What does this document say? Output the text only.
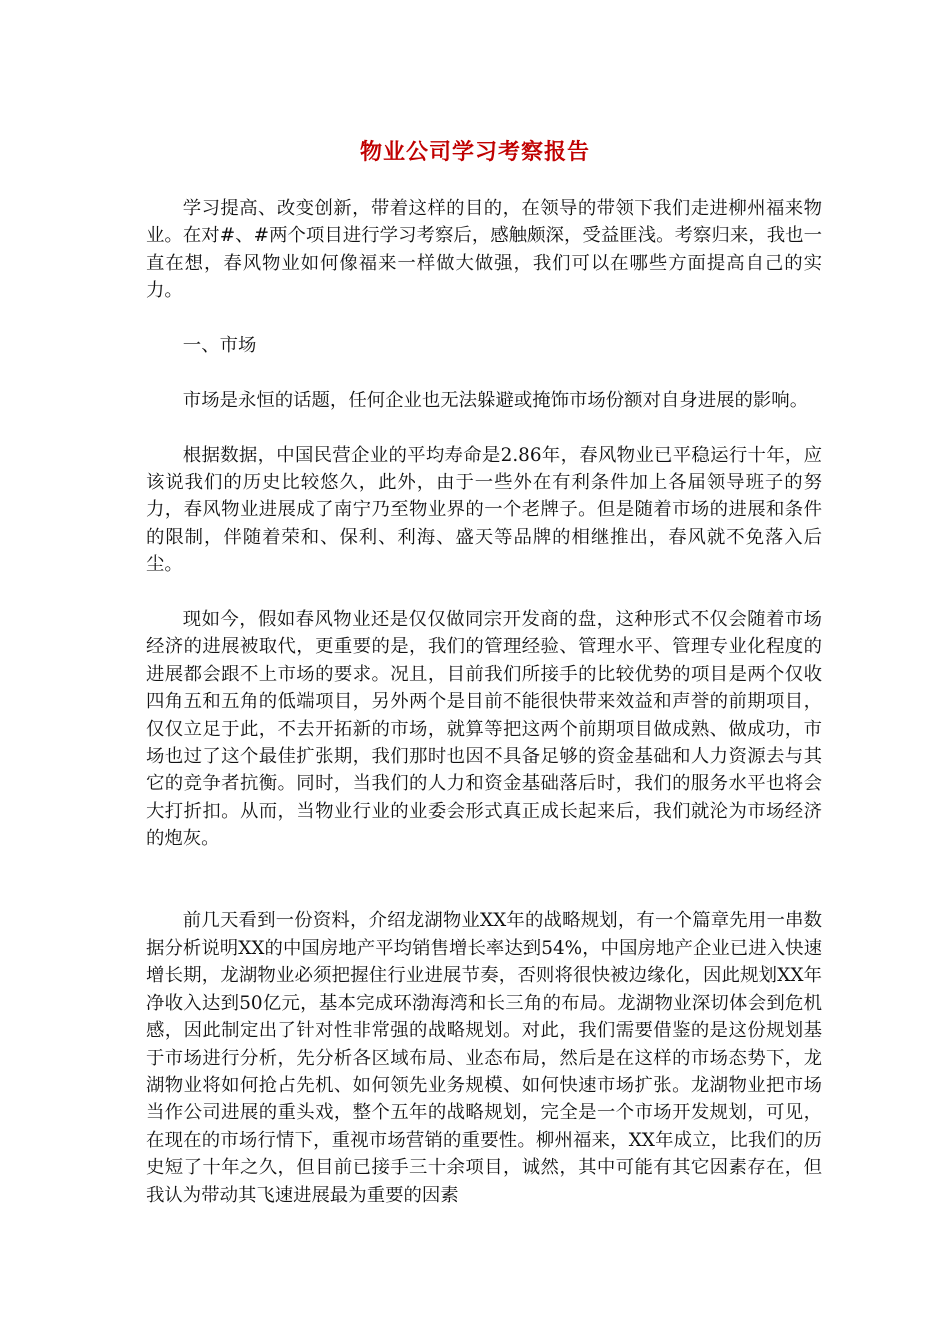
物业公司学习考察报告

学习提高、改变创新，带着这样的目的，在领导的带领下我们走进柳州福来物业。在对#、#两个项目进行学习考察后，感触颇深，受益匪浅。考察归来，我也一直在想，春风物业如何像福来一样做大做强，我们可以在哪些方面提高自己的实力。

一、市场

市场是永恒的话题，任何企业也无法躲避或掩饰市场份额对自身进展的影响。

根据数据，中国民营企业的平均寿命是2.86年，春风物业已平稳运行十年，应该说我们的历史比较悠久，此外，由于一些外在有利条件加上各届领导班子的努力，春风物业进展成了南宁乃至物业界的一个老牌子。但是随着市场的进展和条件的限制，伴随着荣和、保利、利海、盛天等品牌的相继推出，春风就不免落入后尘。

现如今，假如春风物业还是仅仅做同宗开发商的盘，这种形式不仅会随着市场经济的进展被取代，更重要的是，我们的管理经验、管理水平、管理专业化程度的进展都会跟不上市场的要求。况且，目前我们所接手的比较优势的项目是两个仅收四角五和五角的低端项目，另外两个是目前不能很快带来效益和声誉的前期项目，仅仅立足于此，不去开拓新的市场，就算等把这两个前期项目做成熟、做成功，市场也过了这个最佳扩张期，我们那时也因不具备足够的资金基础和人力资源去与其它的竞争者抗衡。同时，当我们的人力和资金基础落后时，我们的服务水平也将会大打折扣。从而，当物业行业的业委会形式真正成长起来后，我们就沦为市场经济的炮灰。

前几天看到一份资料，介绍龙湖物业XX年的战略规划，有一个篇章先用一串数据分析说明XX的中国房地产平均销售增长率达到54%，中国房地产企业已进入快速增长期，龙湖物业必须把握住行业进展节奏，否则将很快被边缘化，因此规划XX年净收入达到50亿元，基本完成环渤海湾和长三角的布局。龙湖物业深切体会到危机感，因此制定出了针对性非常强的战略规划。对此，我们需要借鉴的是这份规划基于市场进行分析，先分析各区域布局、业态布局，然后是在这样的市场态势下，龙湖物业将如何抢占先机、如何领先业务规模、如何快速市场扩张。龙湖物业把市场当作公司进展的重头戏，整个五年的战略规划，完全是一个市场开发规划，可见，在现在的市场行情下，重视市场营销的重要性。柳州福来，XX年成立，比我们的历史短了十年之久，但目前已接手三十余项目，诚然，其中可能有其它因素存在，但我认为带动其飞速进展最为重要的因素
